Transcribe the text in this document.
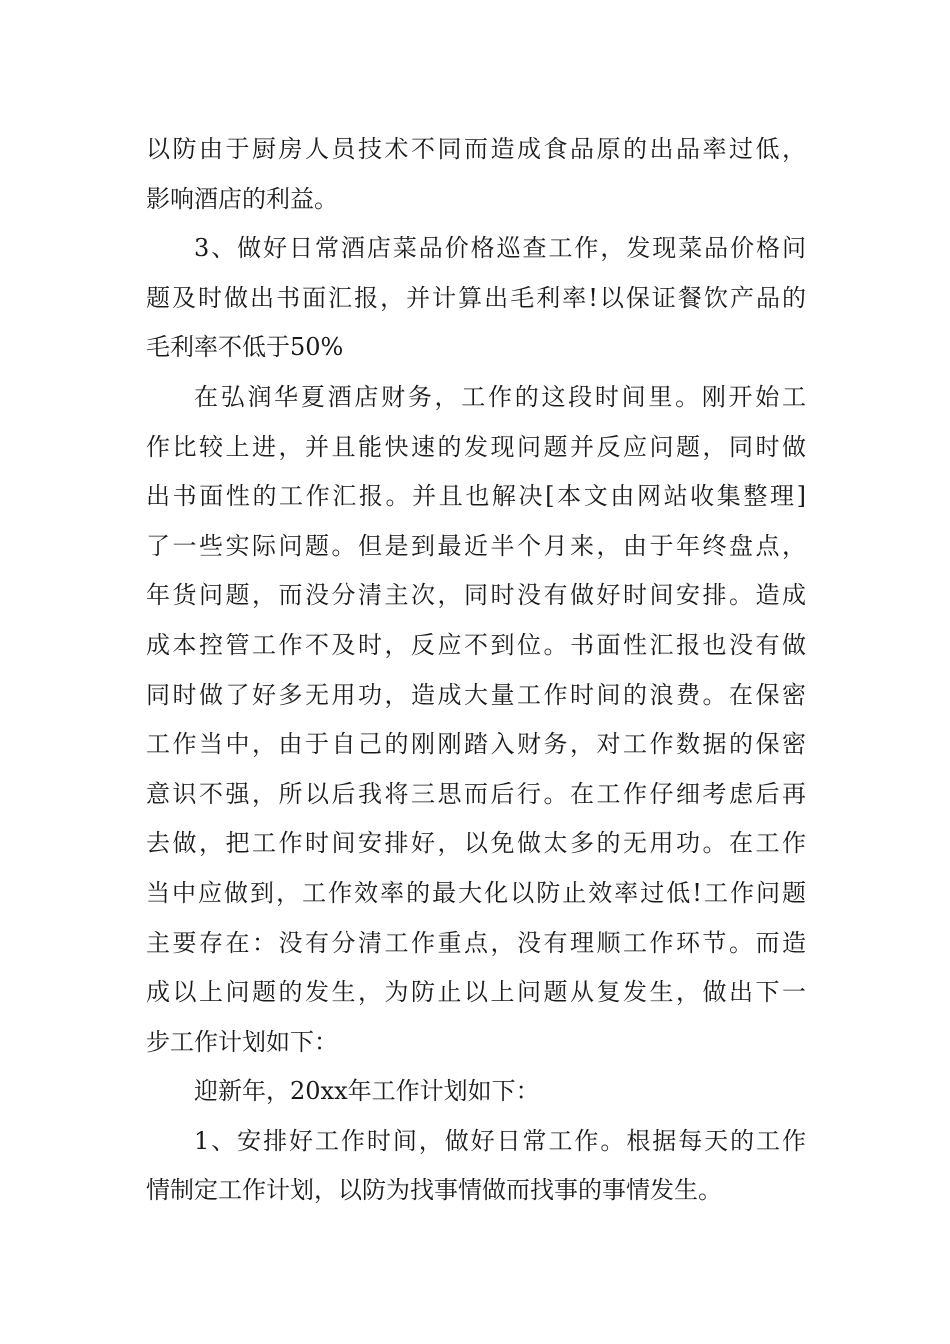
以防由于厨房人员技术不同而造成食品原的出品率过低，
影响酒店的利益。
3、做好日常酒店菜品价格巡查工作，发现菜品价格问
题及时做出书面汇报，并计算出毛利率!以保证餐饮产品的
毛利率不低于50%
在弘润华夏酒店财务，工作的这段时间里。刚开始工
作比较上进，并且能快速的发现问题并反应问题，同时做
出书面性的工作汇报。并且也解决[本文由网站收集整理]
了一些实际问题。但是到最近半个月来，由于年终盘点，
年货问题，而没分清主次，同时没有做好时间安排。造成
成本控管工作不及时，反应不到位。书面性汇报也没有做
同时做了好多无用功，造成大量工作时间的浪费。在保密
工作当中，由于自己的刚刚踏入财务，对工作数据的保密
意识不强，所以后我将三思而后行。在工作仔细考虑后再
去做，把工作时间安排好，以免做太多的无用功。在工作
当中应做到，工作效率的最大化以防止效率过低!工作问题
主要存在：没有分清工作重点，没有理顺工作环节。而造
成以上问题的发生，为防止以上问题从复发生，做出下一
步工作计划如下：
迎新年，20xx年工作计划如下：
1、安排好工作时间，做好日常工作。根据每天的工作
情制定工作计划，以防为找事情做而找事的事情发生。
